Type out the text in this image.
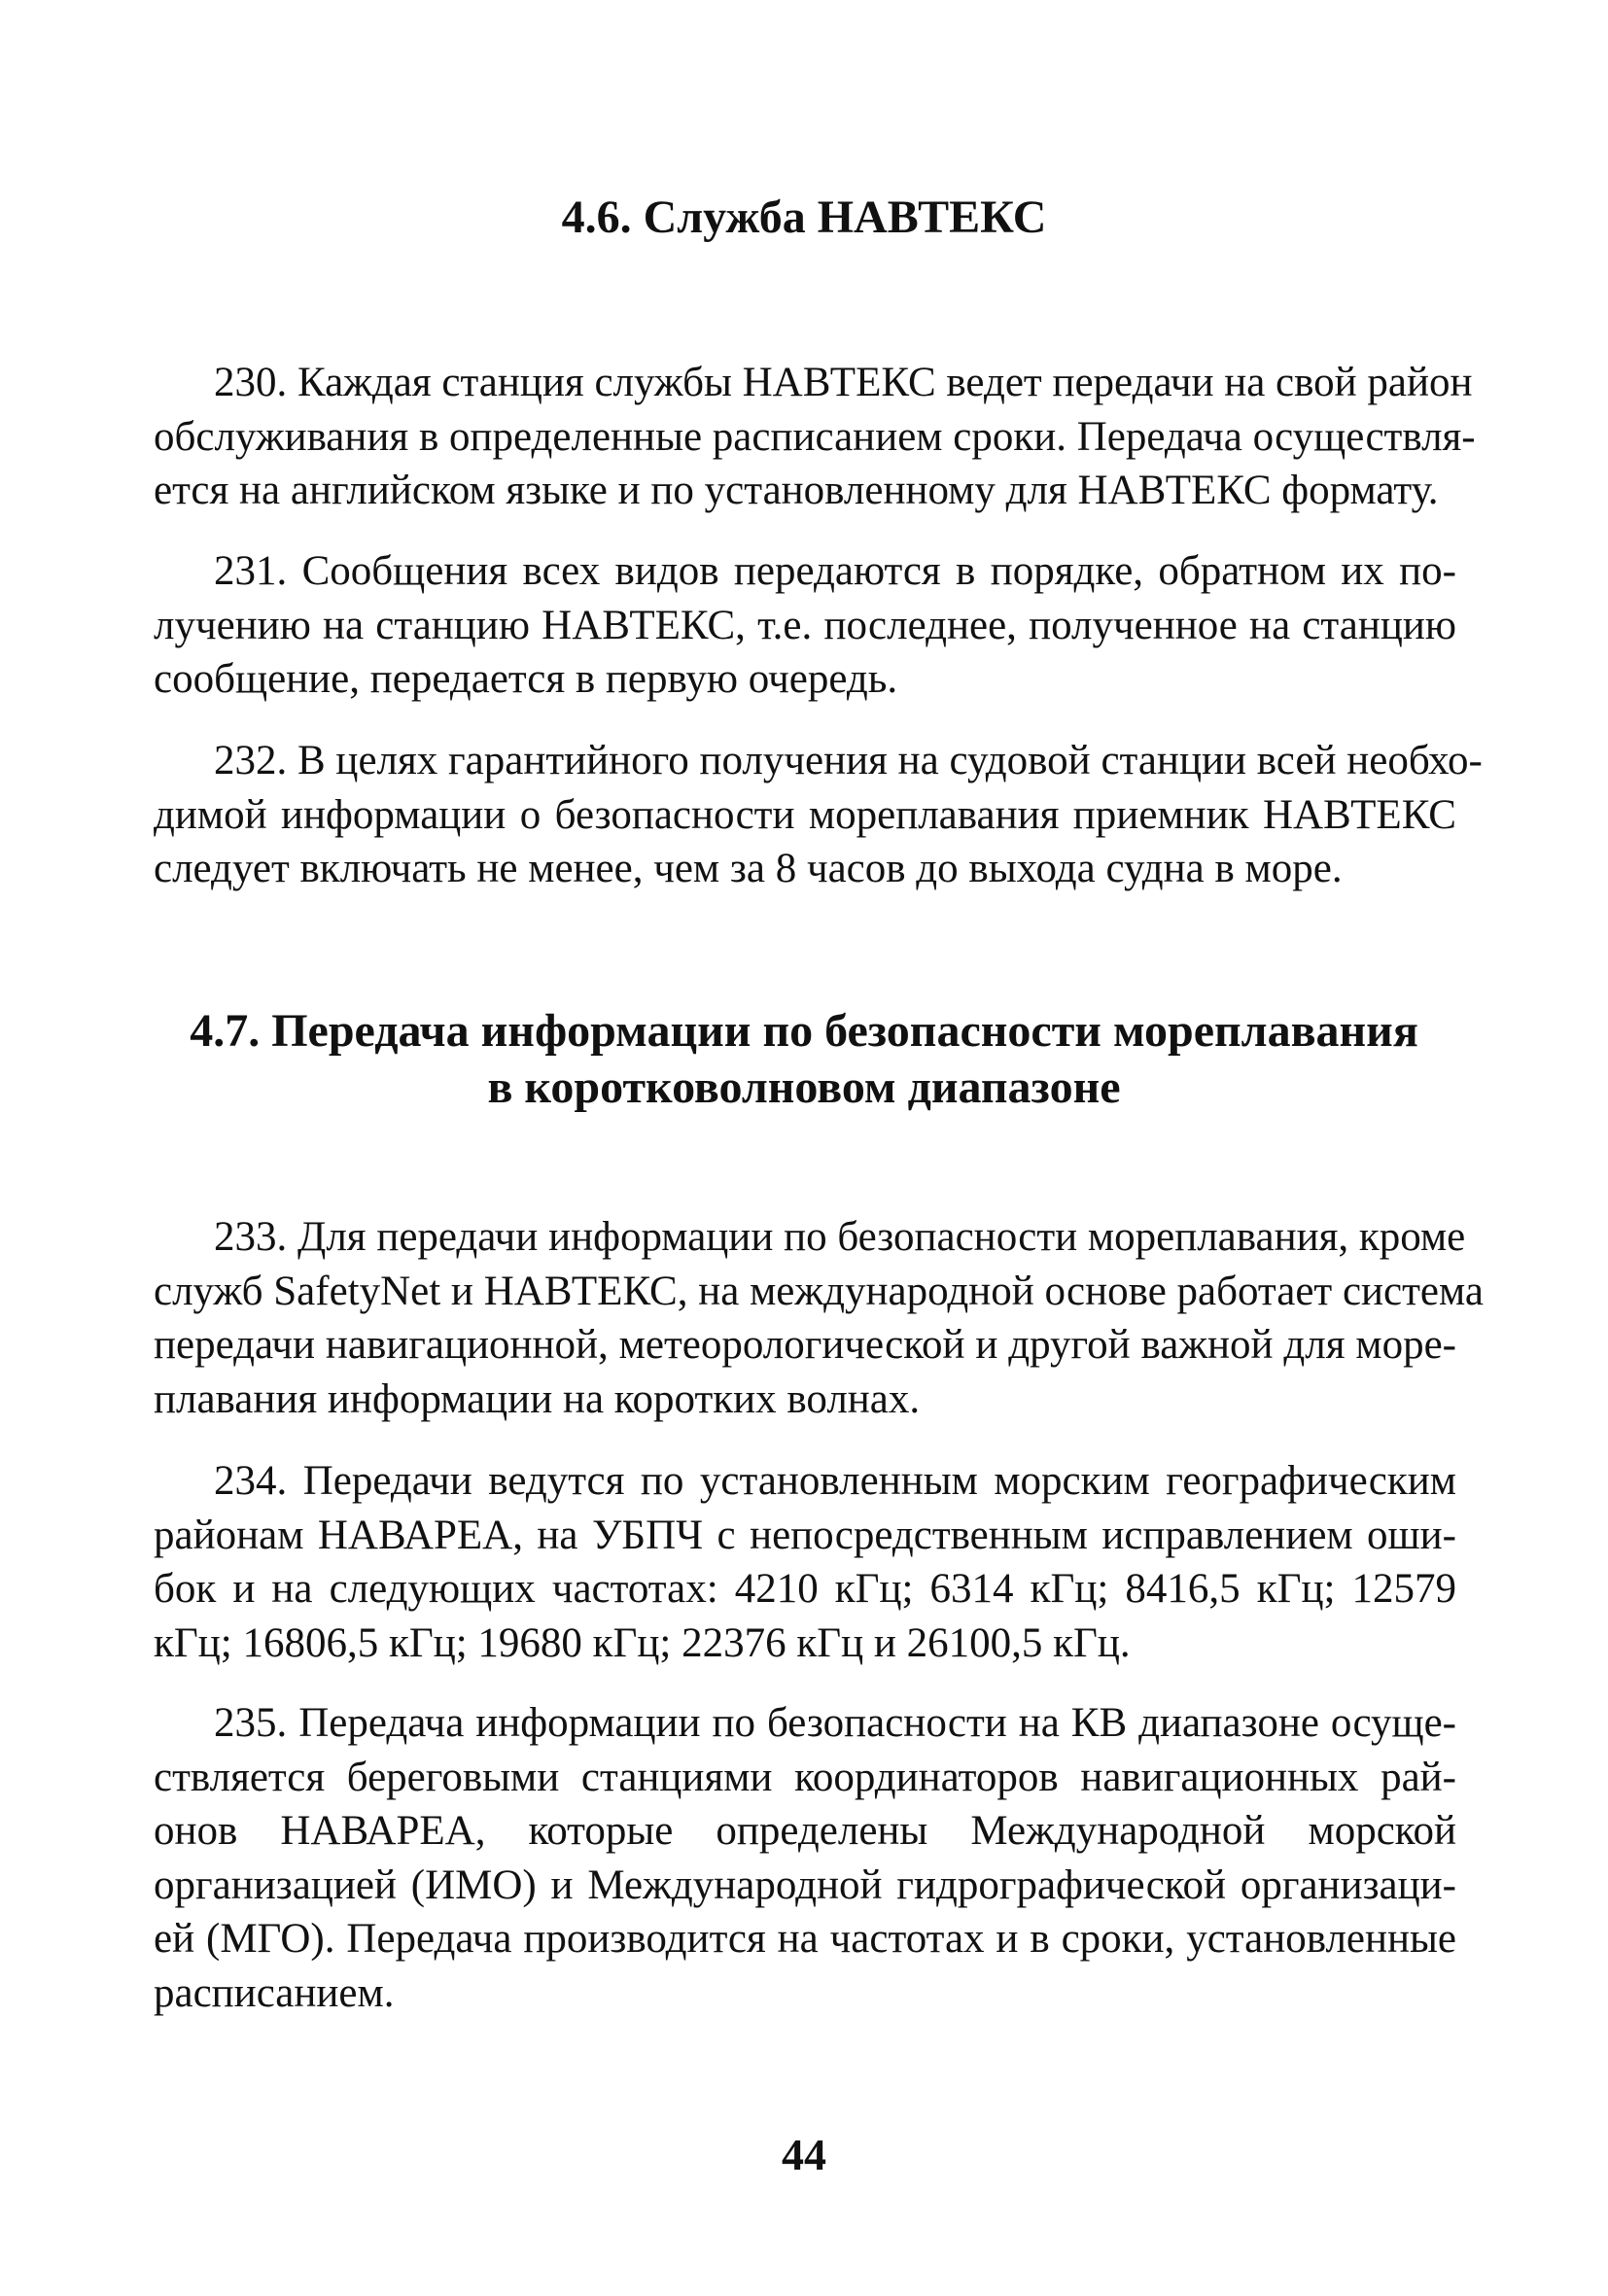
4.6. Служба НАВТЕКС
230. Каждая станция службы НАВТЕКС ведет передачи на свой район
обслуживания в определенные расписанием сроки. Передача осуществля-
ется на английском языке и по установленному для НАВТЕКС формату.
231. Сообщения всех видов передаются в порядке, обратном их по-
лучению на станцию НАВТЕКС, т.е. последнее, полученное на станцию
сообщение, передается в первую очередь.
232. В целях гарантийного получения на судовой станции всей необхо-
димой информации о безопасности мореплавания приемник НАВТЕКС
следует включать не менее, чем за 8 часов до выхода судна в море.
4.7. Передача информации по безопасности мореплавания
в коротковолновом диапазоне
233. Для передачи информации по безопасности мореплавания, кроме
служб SafetyNet и НАВТЕКС, на международной основе работает система
передачи навигационной, метеорологической и другой важной для море-
плавания информации на коротких волнах.
234. Передачи ведутся по установленным морским географическим
районам НАВАРЕА, на УБПЧ с непосредственным исправлением оши-
бок и на следующих частотах: 4210 кГц; 6314 кГц; 8416,5 кГц; 12579
кГц; 16806,5 кГц; 19680 кГц; 22376 кГц и 26100,5 кГц.
235. Передача информации по безопасности на КВ диапазоне осуще-
ствляется береговыми станциями координаторов навигационных рай-
онов НАВАРЕА, которые определены Международной морской
организацией (ИМО) и Международной гидрографической организаци-
ей (МГО). Передача производится на частотах и в сроки, установленные
расписанием.
44
